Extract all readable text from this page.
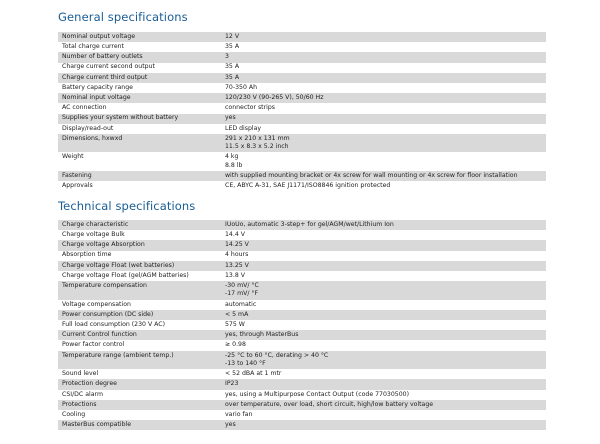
General specifications
Nominal output voltage	12 V
Total charge current	35 A
Number of battery outlets	3
Charge current second output	35 A
Charge current third output	35 A
Battery capacity range	70-350 Ah
Nominal input voltage	120/230 V (90-265 V), 50/60 Hz
AC connection	connector strips
Supplies your system without battery	yes
Display/read-out	LED display
Dimensions, hxwxd	291 x 210 x 131 mm
11.5 x 8.3 x 5.2 inch
Weight	4 kg
8.8 lb
Fastening	with supplied mounting bracket or 4x screw for wall mounting or 4x screw for floor installation
Approvals	CE, ABYC A-31, SAE J1171/ISO8846 ignition protected
Technical specifications
Charge characteristic	IUoUo, automatic 3-step+ for gel/AGM/wet/Lithium Ion
Charge voltage Bulk	14.4 V
Charge voltage Absorption	14.25 V
Absorption time	4 hours
Charge voltage Float (wet batteries)	13.25 V
Charge voltage Float (gel/AGM batteries)	13.8 V
Temperature compensation	-30 mV/ °C
-17 mV/ °F
Voltage compensation	automatic
Power consumption (DC side)	< 5 mA
Full load consumption (230 V AC)	575 W
Current Control function	yes, through MasterBus
Power factor control	≥ 0.98
Temperature range (ambient temp.)	-25 °C to 60 °C, derating > 40 °C
-13 to 140 °F
Sound level	< 52 dBA at 1 mtr
Protection degree	IP23
CSI/DC alarm	yes, using a Multipurpose Contact Output (code 77030500)
Protections	over temperature, over load, short circuit, high/low battery voltage
Cooling	vario fan
MasterBus compatible	yes
